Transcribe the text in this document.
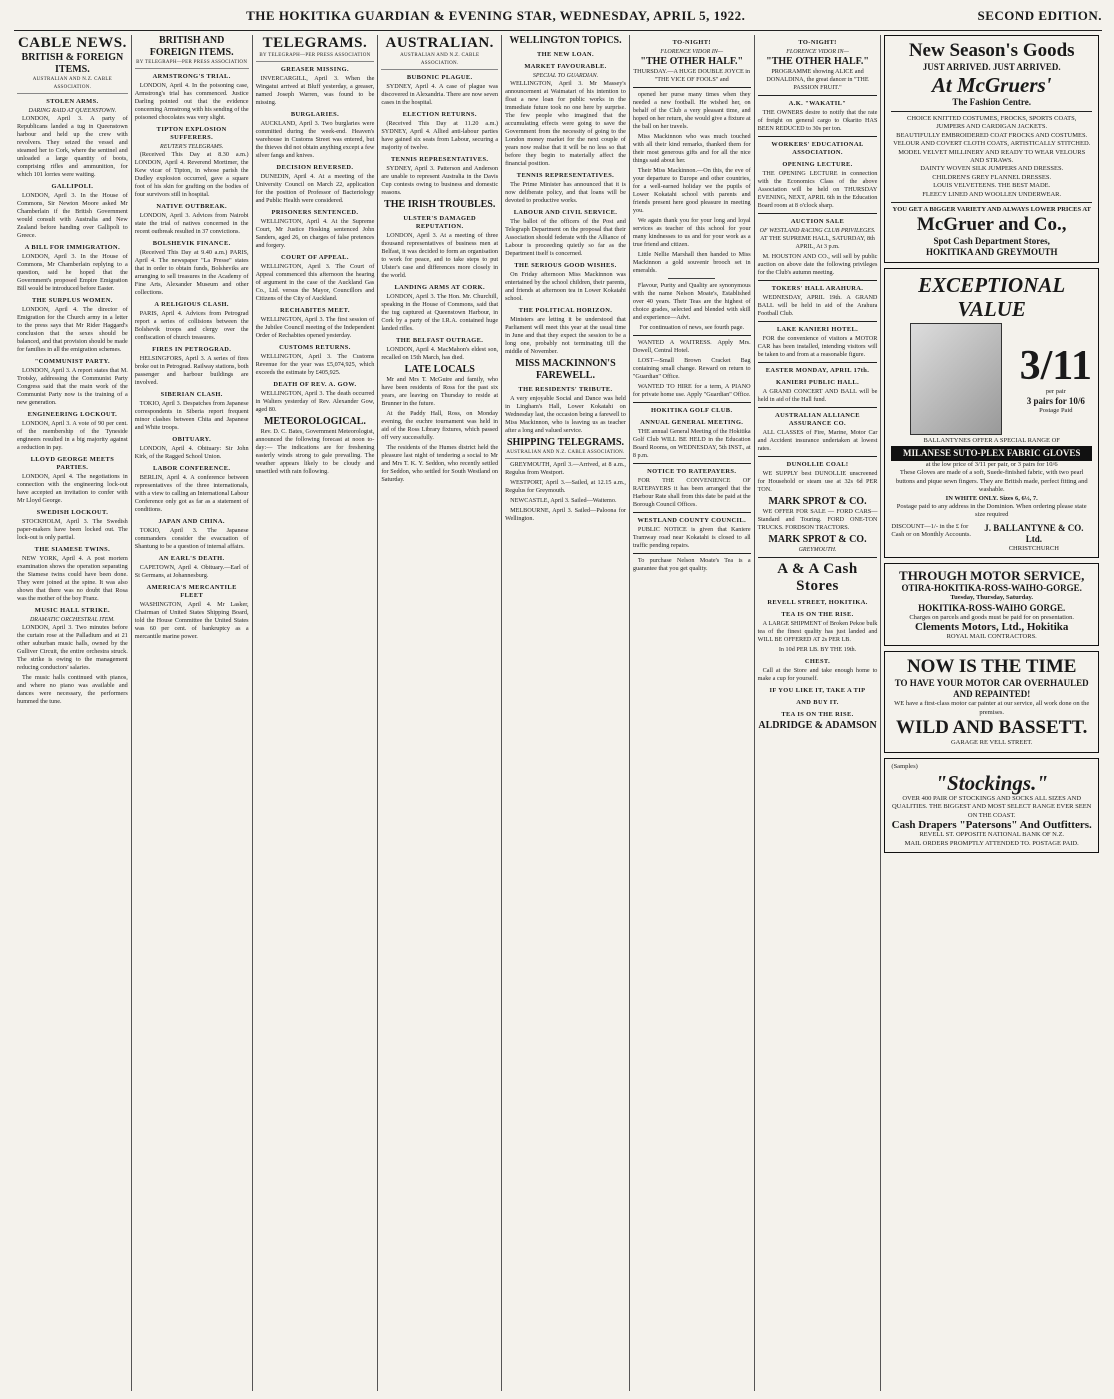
THE HOKITIKA GUARDIAN & EVENING STAR, WEDNESDAY, APRIL 5, 1922.	SECOND EDITION.
CABLE NEWS.
BRITISH & FOREIGN ITEMS.
AUSTRALIAN AND N.Z. CABLE ASSOCIATION.
STOLEN ARMS.
DARING RAID AT QUEENSTOWN.

LONDON, April 3. A party of Republicans landed a tug in Queenstown harbour and held up the crew with revolvers. They seized the vessel and steamed her to Cork, where the sentinel and unloaded a large quantity of boots, comprising rifles and ammunition, for which 101 lorries were waiting.

GALLIPOLI.

LONDON, April 3. In the House of Commons, Sir Newton Moore asked Mr Chamberlain if the British Government would consult with Australia and New Zealand before handing over Gallipoli to Greece.

A BILL FOR IMMIGRATION.

LONDON, April 3. In the House of Commons, Mr Chamberlain replying to a question, said he hoped that the Government's proposed Empire Emigration Bill would be introduced before Easter.

THE SURPLUS WOMEN.

LONDON, April 4. The director of Emigration for the Church army in a letter to the press says that Mr Rider Haggard's conclusion that the sexes should be balanced, and that provision should be made for families in all the emigration schemes.

"COMMUNIST PARTY.

LONDON, April 3. A report states that M. Trotsky, addressing the Communist Party Congress said that the main work of the Communist Party now is the training of a new generation.

ENGINEERING LOCKOUT.

LONDON, April 3. A vote of 90 per cent. of the membership of the Tyneside engineers resulted in a big majority against a reduction in pay.

LLOYD GEORGE MEETS PARTIES.

LONDON, April 4. The negotiations in connection with the engineering lock-out have accepted an invitation to confer with Mr Lloyd George.

SWEDISH LOCKOUT.

STOCKHOLM, April 3. The Swedish paper-makers have been locked out. The lock-out is only partial.

THE SIAMESE TWINS.

NEW YORK, April 4. A post mortem examination shows the operation separating the Siamese twins could have been done. They were joined at the spine. It was also shown that there was no doubt that Rosa was the mother of the boy Franz.

MUSIC HALL STRIKE.
DRAMATIC ORCHESTRAL ITEM.

LONDON, April 3. Two minutes before the curtain rose at the Palladium and at 21 other suburban music halls, owned by the Gulliver Circuit, the entire orchestra struck. The strike is owing to the management reducing conductors' salaries.

The music halls continued with pianos, and where no piano was available and dances were necessary, the performers hummed the tune.

BRITISH AND FOREIGN ITEMS.
BY TELEGRAPH—PER PRESS ASSOCIATION
ARMSTRONG'S TRIAL.

LONDON, April 4. In the poisoning case, Armstrong's trial has commenced. Justice Darling pointed out that the evidence concerning Armstrong with his sending of the poisoned chocolates was very slight.

TIPTON EXPLOSION SUFFERERS.
REUTER'S TELEGRAMS.

(Received This Day at 8.30 a.m.) LONDON, April 4. Reverend Mortimer, the Kew vicar of Tipton, in whose parish the Dudley explosion occurred, gave a square foot of his skin for grafting on the bodies of four survivors still in hospital.

NATIVE OUTBREAK.

LONDON, April 3. Advices from Nairobi state the trial of natives concerned in the recent outbreak resulted in 37 convictions.

BOLSHEVIK FINANCE.

(Received This Day at 9.40 a.m.) PARIS, April 4. The newspaper "La Presse" states that in order to obtain funds, Bolsheviks are arranging to sell treasures in the Academy of Fine Arts, Alexander Museum and other collections.

A RELIGIOUS CLASH.

PARIS, April 4. Advices from Petrograd report a series of collisions between the Bolshevik troops and clergy over the confiscation of church treasures.

FIRES IN PETROGRAD.

HELSINGFORS, April 3. A series of fires broke out in Petrograd. Railway stations, both passenger and harbour buildings are involved.

SIBERIAN CLASH.

TOKIO, April 3. Despatches from Japanese correspondents in Siberia report frequent minor clashes between Chita and Japanese and White troops.

OBITUARY.

LONDON, April 4. Obituary: Sir John Kirk, of the Ragged School Union.

LABOR CONFERENCE.

BERLIN, April 4. A conference between representatives of the three internationals, with a view to calling an International Labour Conference only got as far as a statement of conditions.

JAPAN AND CHINA.

TOKIO, April 3. The Japanese commanders consider the evacuation of Shantung to be a question of internal affairs.

AN EARL'S DEATH.

CAPETOWN, April 4. Obituary.—Earl of St Germans, at Johannesburg.

AMERICA'S MERCANTILE FLEET

WASHINGTON, April 4. Mr Lasker, Chairman of United States Shipping Board, told the House Committee the United States was 60 per cent. of bankruptcy as a mercantile marine power.

TELEGRAMS.
BY TELEGRAPH—PER PRESS ASSOCIATION
GREASER MISSING.

INVERCARGILL, April 3. When the Wingatui arrived at Bluff yesterday, a greaser, named Joseph Warren, was found to be missing.

BURGLARIES.

AUCKLAND, April 3. Two burglaries were committed during the week-end. Heaven's warehouse in Customs Street was entered, but the thieves did not obtain anything except a few silver fangs and knives.

DECISION REVERSED.

DUNEDIN, April 4. At a meeting of the University Council on March 22, application for the position of Professor of Bacteriology and Public Health were considered.

PRISONERS SENTENCED.

WELLINGTON, April 4. At the Supreme Court, Mr Justice Hosking sentenced John Sanders, aged 26, on charges of false pretences and forgery.

COURT OF APPEAL.

WELLINGTON, April 3. The Court of Appeal commenced this afternoon the hearing of argument in the case of the Auckland Gas Co., Ltd. versus the Mayor, Councillors and Citizens of the City of Auckland.

RECHABITES MEET.

WELLINGTON, April 3. The first session of the Jubilee Council meeting of the Independent Order of Rechabites opened yesterday.

CUSTOMS RETURNS.

WELLINGTON, April 3. The Customs Revenue for the year was £5,074,925, which exceeds the estimate by £405,925.

DEATH OF REV. A. GOW.

WELLINGTON, April 3. The death occurred in Walters yesterday of Rev. Alexander Gow, aged 80.

METEOROLOGICAL.

Rev. D. C. Bates, Government Meteorologist, announced the following forecast at noon to-day:— The indications are for freshening easterly winds strong to gale prevailing. The weather appears likely to be cloudy and unsettled with rain following.

AUSTRALIAN.
AUSTRALIAN AND N.Z. CABLE ASSOCIATION.
BUBONIC PLAGUE.

SYDNEY, April 4. A case of plague was discovered in Alexandria. There are now seven cases in the hospital.

ELECTION RETURNS.

(Received This Day at 11.20 a.m.) SYDNEY, April 4. Allied anti-labour parties have gained six seats from Labour, securing a majority of twelve.

TENNIS REPRESENTATIVES.

SYDNEY, April 3. Patterson and Anderson are unable to represent Australia in the Davis Cup contests owing to business and domestic reasons.

THE IRISH TROUBLES.
ULSTER'S DAMAGED REPUTATION.

LONDON, April 3. At a meeting of three thousand representatives of business men at Belfast, it was decided to form an organisation to work for peace, and to take steps to put Ulster's case and differences more closely in the world.

LANDING ARMS AT CORK.

LONDON, April 3. The Hon. Mr. Churchill, speaking in the House of Commons, said that the tug captured at Queenstown Harbour, in Cork by a party of the I.R.A. contained huge landed rifles.

THE BELFAST OUTRAGE.

LONDON, April 4. MacMahon's eldest son, recalled on 15th March, has died.

LATE LOCALS

Mr and Mrs T. McGuire and family, who have been residents of Ross for the past six years, are leaving on Thursday to reside at Brunner in the future.

At the Paddy Hall, Ross, on Monday evening, the euchre tournament was held in aid of the Ross Library fixtures, which passed off very successfully.

The residents of the Humes district held the pleasure last night of tendering a social to Mr and Mrs T. K. Y. Seddon, who recently settled for Seddon, who settled for South Westland on Saturday.

WELLINGTON TOPICS.
THE NEW LOAN.
MARKET FAVOURABLE.
SPECIAL TO GUARDIAN.

WELLINGTON, April 3. Mr Massey's announcement at Waimatari of his intention to float a new loan for public works in the immediate future took no one here by surprise. The few people who imagined that the accumulating effects were going to save the Government from the necessity of going to the London money market for the next couple of years now realise that it will be no less so that before they begin to materially affect the financial position.

TENNIS REPRESENTATIVES.

The Prime Minister has announced that it is now deliberate policy, and that loans will be devoted to productive works.

LABOUR AND CIVIL SERVICE.

The ballot of the officers of the Post and Telegraph Department on the proposal that their Association should federate with the Alliance of Labour is proceeding quietly so far as the Department itself is concerned.

THE SERIOUS GOOD WISHES.

On Friday afternoon Miss Mackinnon was entertained by the school children, their parents, and friends at afternoon tea in Lower Kokatahi school.

THE POLITICAL HORIZON.

Ministers are letting it be understood that Parliament will meet this year at the usual time in June and that they expect the session to be a long one, probably not terminating till the middle of November.

MISS MACKINNON'S FAREWELL.
THE RESIDENTS' TRIBUTE.

A very enjoyable Social and Dance was held in Lingham's Hall, Lower Kokatahi on Wednesday last, the occasion being a farewell to Miss Mackinnon, who is leaving us as teacher after a long and valued service.

SHIPPING TELEGRAMS.
AUSTRALIAN AND N.Z. CABLE ASSOCIATION.

GREYMOUTH, April 3.—Arrived, at 8 a.m., Regulus from Westport.

WESTPORT, April 3.—Sailed, at 12.15 a.m., Regulus for Greymouth.

NEWCASTLE, April 3. Sailed—Waitemo.

MELBOURNE, April 3. Sailed—Paloona for Wellington.

TO-NIGHT!
FLORENCE VIDOR IN—
"THE OTHER HALF."

THURSDAY.—A HUGE DOUBLE JOYCE in "THE VICE OF FOOLS" and

opened her purse many times when they needed a new football. He wished her, on behalf of the Club a very pleasant time, and hoped on her return, she would give a fixture at the ball on her travels.

Miss Mackinnon who was much touched with all their kind remarks, thanked them for their most generous gifts and for all the nice things said about her.

Their Miss Mackinnon.—On this, the eve of your departure to Europe and other countries, for a well-earned holiday we the pupils of Lower Kokatahi school with parents and friends present here good pleasure in meeting you.

We again thank you for your long and loyal services as teacher of this school for your many kindnesses to us and for your work as a true friend and citizen.

Little Nellie Marshall then handed to Miss Mackinnon a gold souvenir brooch set in emeralds.

Flavour, Purity and Quality are synonymous with the name Nelson Moate's, Established over 40 years. Their Teas are the highest of choice grades, selected and blended with skill and experience—Advt.

For continuation of news, see fourth page.

WANTED A WAITRESS. Apply Mrs. Dowell, Central Hotel.

LOST—Small Brown Cracket Bag containing small change. Reward on return to "Guardian" Office.

WANTED TO HIRE for a term, A PIANO for private home use. Apply "Guardian" Office.

HOKITIKA GOLF CLUB.
ANNUAL GENERAL MEETING.

THE annual General Meeting of the Hokitika Golf Club WILL BE HELD in the Education Board Rooms, on WEDNESDAY, 5th INST., at 8 p.m.

NOTICE TO RATEPAYERS.

FOR THE CONVENIENCE OF RATEPAYERS it has been arranged that the Harbour Rate shall from this date be paid at the Borough Council Offices.

WESTLAND COUNTY COUNCIL.

PUBLIC NOTICE is given that Kaniere Tramway road near Kokatahi is closed to all traffic pending repairs.

To purchase Nelson Moate's Tea is a guarantee that you get quality.

TO-NIGHT!
FLORENCE VIDOR IN—
"THE OTHER HALF."

PROGRAMME showing ALICE and DONALDINA, the great dancer in "THE PASSION FRUIT."

A.K. "WAKATIL"

THE OWNERS desire to notify that the rate of freight on general cargo to Okarito HAS BEEN REDUCED to 30s per ton.

WORKERS' EDUCATIONAL ASSOCIATION.
OPENING LECTURE.

THE OPENING LECTURE in connection with the Economics Class of the above Association will be held on THURSDAY EVENING, NEXT, APRIL 6th in the Education Board room at 8 o'clock sharp.

AUCTION SALE
OF WESTLAND RACING CLUB PRIVILEGES.

AT THE SUPREME HALL, SATURDAY, 8th APRIL, At 3 p.m.

M. HOUSTON AND CO., will sell by public auction on above date the following privileges for the Club's autumn meeting.

TOKERS' HALL ARAHURA.

WEDNESDAY, APRIL 19th. A GRAND BALL will be held in aid of the Arahura Football Club.

LAKE KANIERI HOTEL.

FOR the convenience of visitors a MOTOR CAR has been installed, intending visitors will be taken to and from at a reasonable figure.

EASTER MONDAY, APRIL 17th.
KANIERI PUBLIC HALL.

A GRAND CONCERT AND BALL will be held in aid of the Hall fund.

AUSTRALIAN ALLIANCE ASSURANCE CO.

ALL CLASSES of Fire, Marine, Motor Car and Accident insurance undertaken at lowest rates.

DUNOLLIE COAL!

WE SUPPLY best DUNOLLIE unscreened for Household or steam use at 32s 6d PER TON.

MARK SPROT & CO.

WE OFFER FOR SALE — FORD CARS—Standard and Touring. FORD ONE-TON TRUCKS. FORDSON TRACTORS.

MARK SPROT & CO.
GREYMOUTH.
A & A Cash Stores
REVELL STREET, HOKITIKA.
TEA IS ON THE RISE.

A LARGE SHIPMENT of Broken Pekoe bulk tea of the finest quality has just landed and WILL BE OFFERED AT 2s PER LB.

In 10d PER LB. BY THE 19th.

CHEST.

Call at the Store and take enough home to make a cup for yourself.

IF YOU LIKE IT, TAKE A TIP
AND BUY IT.
TEA IS ON THE RISE.
ALDRIDGE & ADAMSON
New Season's Goods
JUST ARRIVED. JUST ARRIVED.
At McGruers'
The Fashion Centre.
CHOICE KNITTED COSTUMES, FROCKS, SPORTS COATS,
JUMPERS AND CARDIGAN JACKETS.
BEAUTIFULLY EMBROIDERED COAT FROCKS AND COSTUMES.
VELOUR AND COVERT CLOTH COATS, ARTISTICALLY STITCHED.
MODEL VELVET MILLINERY AND READY TO WEAR VELOURS AND STRAWS.
DAINTY WOVEN SILK JUMPERS AND DRESSES.
CHILDREN'S GREY FLANNEL DRESSES.
LOUIS VELVETEENS. THE BEST MADE.
FLEECY LINED AND WOOLLEN UNDERWEAR.
YOU GET A BIGGER VARIETY AND ALWAYS LOWER PRICES AT
McGruer and Co.,
Spot Cash Department Stores,
HOKITIKA AND GREYMOUTH
EXCEPTIONAL VALUE
3/11
per pair
3 pairs for 10/6
Postage Paid
BALLANTYNES OFFER A SPECIAL RANGE OF
MILANESE SUTO-PLEX FABRIC GLOVES
at the low price of 3/11 per pair, or 3 pairs for 10/6
These Gloves are made of a soft, Suede-finished fabric, with two pearl buttons and pique sewn fingers. They are British made, perfect fitting and washable.
IN WHITE ONLY. Sizes 6, 6½, 7.
Postage paid to any address in the Dominion. When ordering please state size required
DISCOUNT—1/- in the £ for Cash or on Monthly Accounts.
J. BALLANTYNE & CO. Ltd.
CHRISTCHURCH
THROUGH MOTOR SERVICE,
OTIRA-HOKITIKA-ROSS-WAIHO-GORGE.
Tuesday, Thursday, Saturday.
HOKITIKA-ROSS-WAIHO GORGE.
Charges on parcels and goods must be paid for on presentation.
Clements Motors, Ltd., Hokitika
ROYAL MAIL CONTRACTORS.
NOW IS THE TIME
TO HAVE YOUR MOTOR CAR OVERHAULED AND REPAINTED!
WE have a first-class motor car painter at our service, all work done on the premises.
WILD AND BASSETT.
GARAGE RE VELL STREET.
(Samples)
"Stockings."
OVER 400 PAIR OF STOCKINGS AND SOCKS ALL SIZES AND QUALITIES. THE BIGGEST AND MOST SELECT RANGE EVER SEEN ON THE COAST.
Cash Drapers "Patersons" And Outfitters.
REVELL ST. OPPOSITE NATIONAL BANK OF N.Z.
MAIL ORDERS PROMPTLY ATTENDED TO. POSTAGE PAID.
